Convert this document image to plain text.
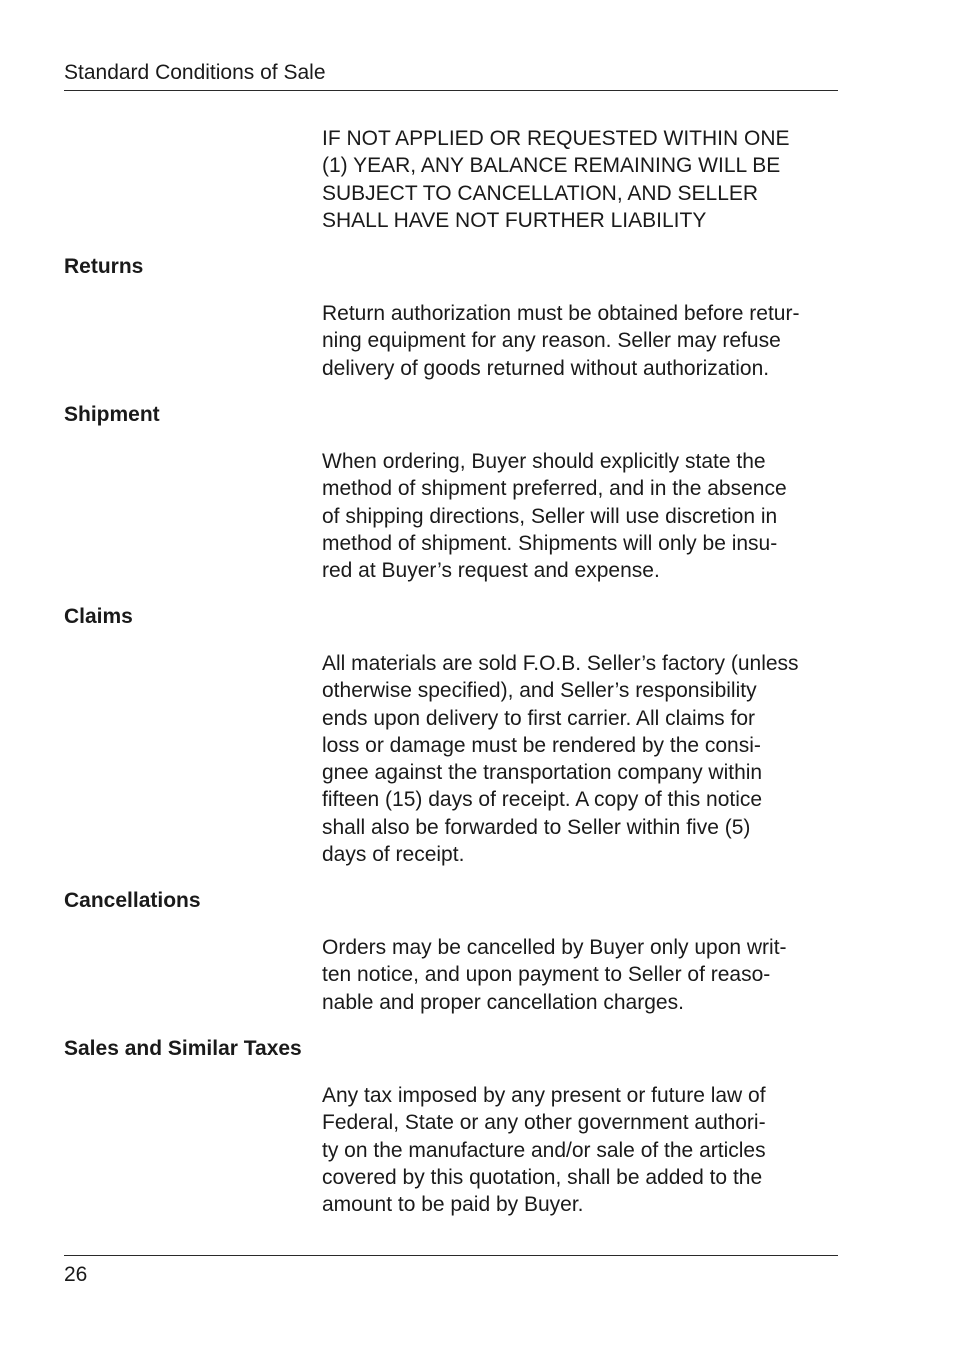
Standard Conditions of Sale

IF NOT APPLIED OR REQUESTED WITHIN ONE
(1) YEAR, ANY BALANCE REMAINING WILL BE
SUBJECT TO CANCELLATION, AND SELLER
SHALL HAVE NOT FURTHER LIABILITY

Returns

Return authorization must be obtained before retur-
ning equipment for any reason. Seller may refuse
delivery of goods returned without authorization.

Shipment

When ordering, Buyer should explicitly state the
method of shipment preferred, and in the absence
of shipping directions, Seller will use discretion in
method of shipment. Shipments will only be insu-
red at Buyer’s request and expense.

Claims

All materials are sold F.O.B. Seller’s factory (unless
otherwise specified), and Seller’s responsibility
ends upon delivery to first carrier. All claims for
loss or damage must be rendered by the consi-
gnee against the transportation company within
fifteen (15) days of receipt. A copy of this notice
shall also be forwarded to Seller within five (5)
days of receipt.

Cancellations

Orders may be cancelled by Buyer only upon writ-
ten notice, and upon payment to Seller of reaso-
nable and proper cancellation charges.

Sales and Similar Taxes

Any tax imposed by any present or future law of
Federal, State or any other government authori-
ty on the manufacture and/or sale of the articles
covered by this quotation, shall be added to the
amount to be paid by Buyer.

26
